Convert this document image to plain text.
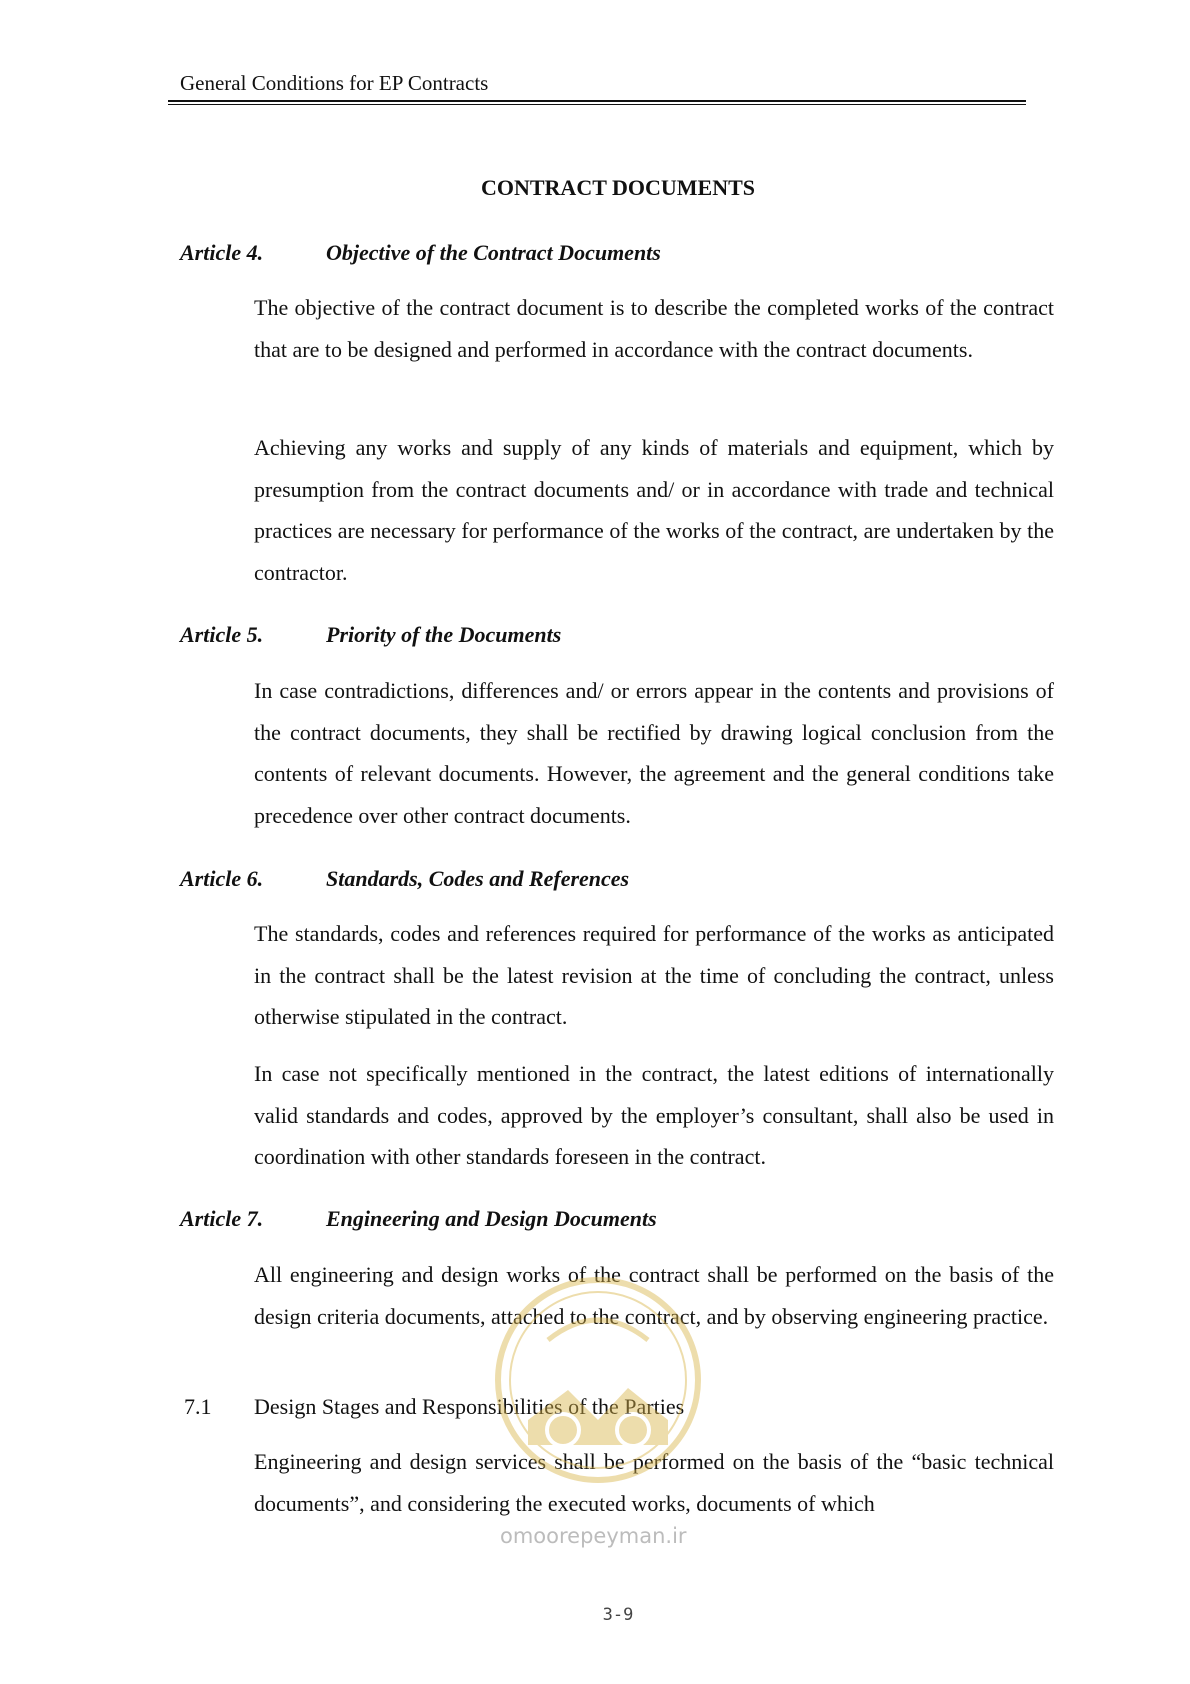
General Conditions for EP Contracts
CONTRACT DOCUMENTS
Article 4.	Objective of the Contract Documents
The objective of the contract document is to describe the completed works of the contract that are to be designed and performed in accordance with the contract documents.
Achieving any works and supply of any kinds of materials and equipment, which by presumption from the contract documents and/ or in accordance with trade and technical practices are necessary for performance of the works of the contract, are undertaken by the contractor.
Article 5.	Priority of the Documents
In case contradictions, differences and/ or errors appear in the contents and provisions of the contract documents, they shall be rectified by drawing logical conclusion from the contents of relevant documents. However, the agreement and the general conditions take precedence over other contract documents.
Article 6.	Standards, Codes and References
The standards, codes and references required for performance of the works as anticipated in the contract shall be the latest revision at the time of concluding the contract, unless otherwise stipulated in the contract.
In case not specifically mentioned in the contract, the latest editions of internationally valid standards and codes, approved by the employer’s consultant, shall also be used in coordination with other standards foreseen in the contract.
Article 7.	Engineering and Design Documents
All engineering and design works of the contract shall be performed on the basis of the design criteria documents, attached to the contract, and by observing engineering practice.
7.1 Design Stages and Responsibilities of the Parties
Engineering and design services shall be performed on the basis of the “basic technical documents”, and considering the executed works, documents of which
omoorepeyman.ir
3-9
